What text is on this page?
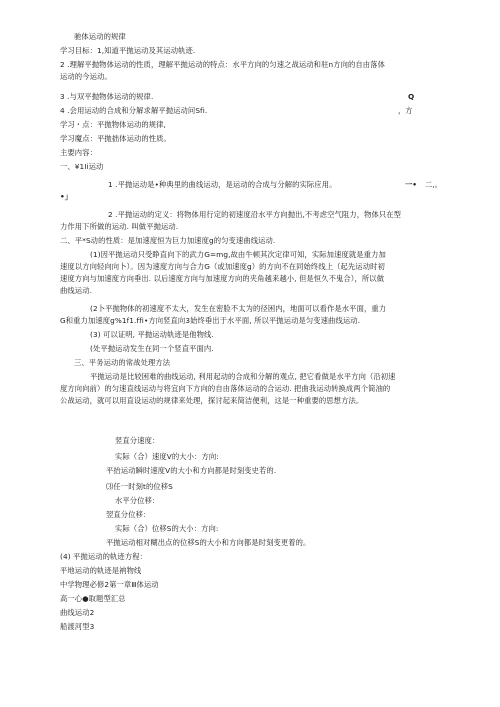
驰体运动的规律
学习目标：1,知道平抛运动及其运动轨迹.
2 .理解平抛物体运动的性质，理解平抛运动的特点：水平方向的匀速之战运动和驻n方向的自由落体
运动的今运动。
3 .与双平抛物体运动的规律.	Q
4 .会用运动的合成和分解求解平抛运动问Sfi.	，方
学习・点：平抛物体运动的规律,
学习魔点：平抛拙体运动的性质。
主要内容：
一、¥1Ii运动
1 .平抛运动是•种典里的曲线运动，是运动的合成与分解的实际应用。	一• 二,。
•」
2 .平抛运动的定义：将物体用行定的初速度沿水平方向抛出,不考虑空气阻力，物体只在型
力作用下所做的运动. 叫做平抛运动.
二、平*S动的性质：是加速度恒为巨力加速度g的匀变速曲线运动.
(1)因平抛运动只受睁直向下的武力G=mg,故由牛顿其次定律可知，实际加速度就是重力加
速度以方向轻向向卜）。因为速度方向与合力G（或加速度g）的方向不在同始终线上（起先运动时初
速度方向与加速度方向垂出. 以后速度方向与加速度方向的夹角越来越小, 但是恒久不鬼合），所以做
曲线运动.
(2卜平抛物体的初速度不太大，发生在密脸不太为的径困内，地面可以看作是水平面，重力
G和重力加速度g%1f1.ffi•方向竖直向3始终垂出于水平面, 所以平抛运动是匀变速曲线运动.
(3) 可以证明, 平抛运动轨迹是他物线.
(处平抛运动发生在同一个竖直平面内.
三、平务运动的常战处理方法
平抛运动是比较困难的曲线运动, 利用起动的合成和分解的观点, 把它看做是水平方向（沿初速
度方向向前）的匀速直线运动与将宜向下方向的自由落体运动的合运动. 把曲我运动转换成两个简油的
公战运动，就可以用直设运动的规律来处理，探讨起来简洁便利，这是一种重要的思想方法。
竖直分速度：
实际（合）速度V的大小：方向:
平抬运动瞬时速度V的大小和方向都是时刻变史若的.
⑶任一时刻t的位移S
水平分位移：
翌直分位移：
实际（合）位移S的大小：方向:
平抛运动相对糊出点的位移S的大小和方向都是时刻变更着的。
(4) 平抛运动的轨迹方程：
平地运动的轨迹是衲物线
中学物理必修2第一章Ⅲ体运动
高一心●取题型汇总
曲线运动2
船渡河型3
